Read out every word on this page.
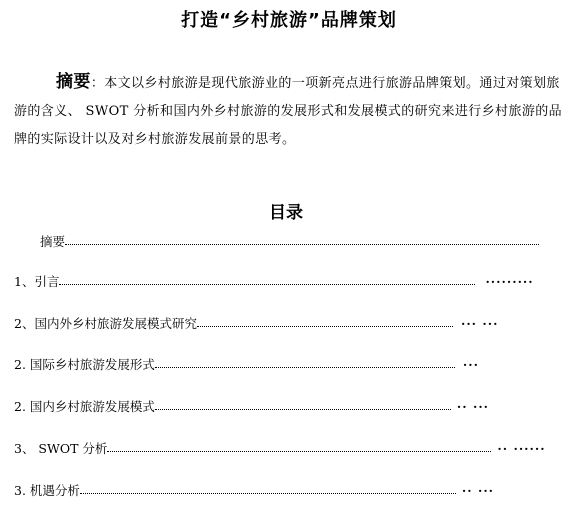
打造“乡村旅游”品牌策划
摘要：本文以乡村旅游是现代旅游业的一项新亮点进行旅游品牌策划。通过对策划旅游的含义、 SWOT 分析和国内外乡村旅游的发展形式和发展模式的研究来进行乡村旅游的品牌的实际设计以及对乡村旅游发展前景的思考。
目录
摘要
1、引言	·········
2、国内外乡村旅游发展模式研究	··· ···
2. 国际乡村旅游发展形式	···
2. 国内乡村旅游发展模式	·· ···
3、 SWOT 分析	·· ······
3. 机遇分析	·· ···
